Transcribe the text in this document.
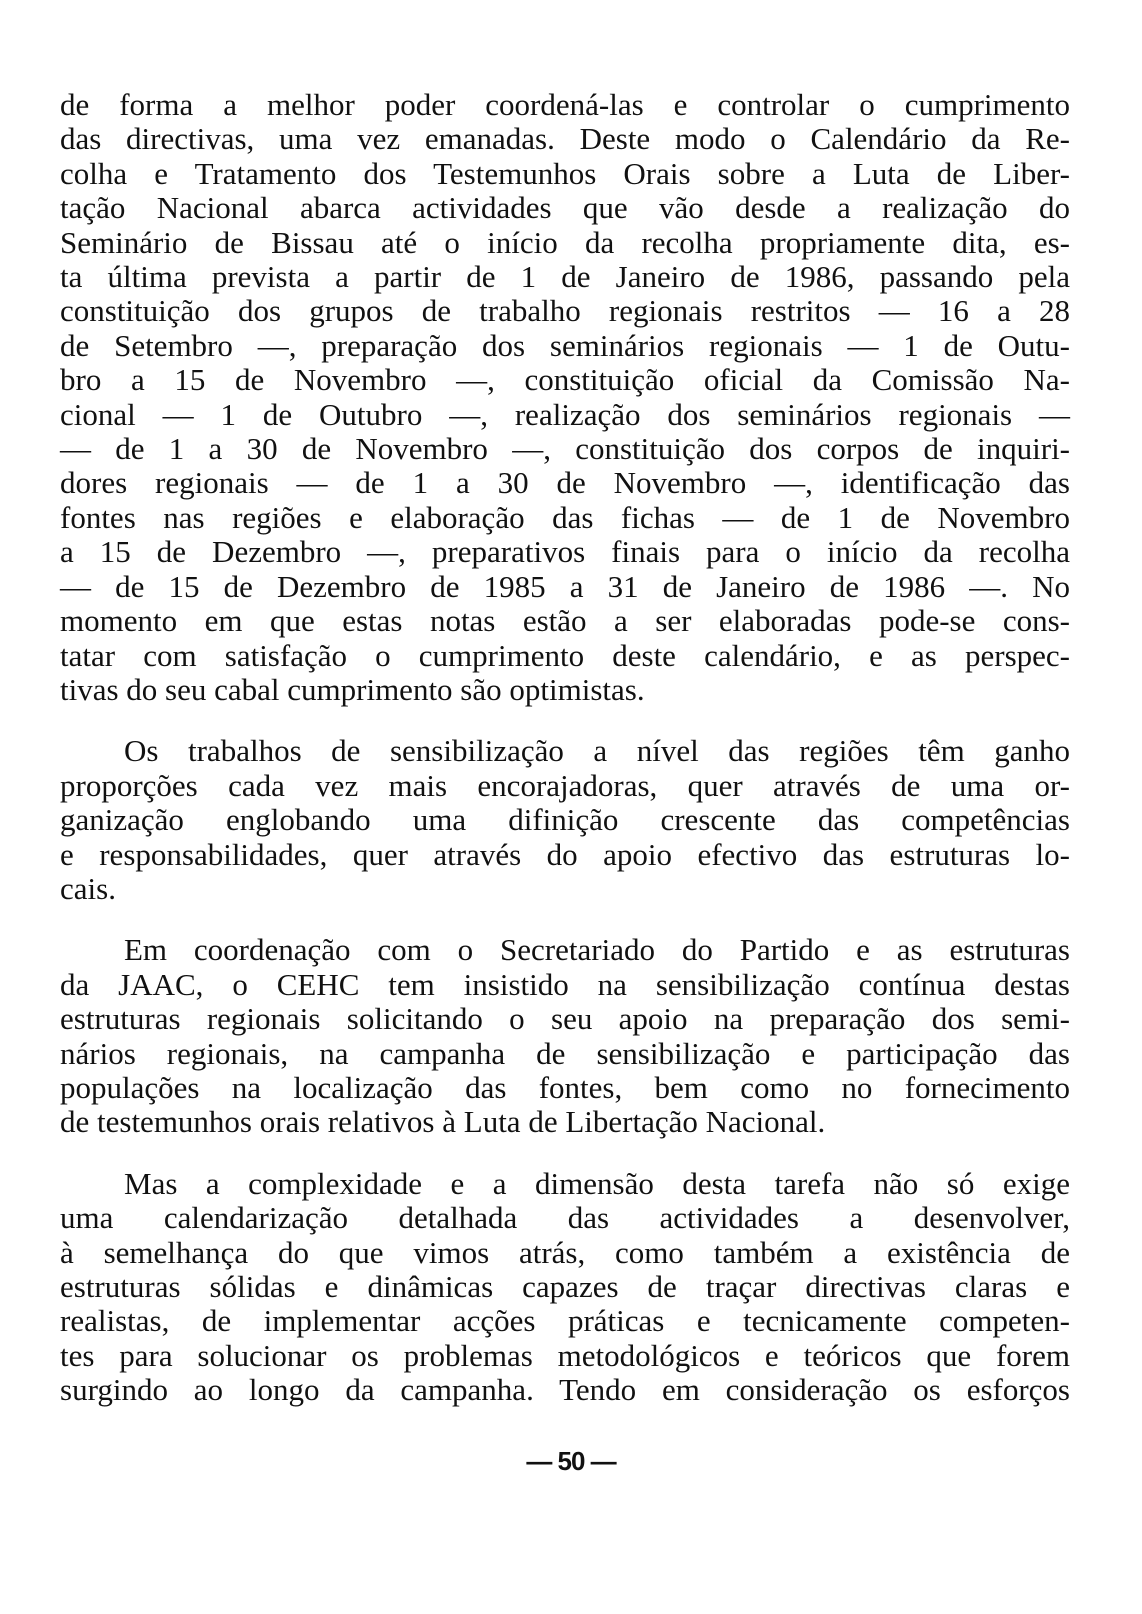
de forma a melhor poder coordená-las e controlar o cumprimento
das directivas, uma vez emanadas. Deste modo o Calendário da Re-
colha e Tratamento dos Testemunhos Orais sobre a Luta de Liber-
tação Nacional abarca actividades que vão desde a realização do
Seminário de Bissau até o início da recolha propriamente dita, es-
ta última prevista a partir de 1 de Janeiro de 1986, passando pela
constituição dos grupos de trabalho regionais restritos — 16 a 28
de Setembro —, preparação dos seminários regionais — 1 de Outu-
bro a 15 de Novembro —, constituição oficial da Comissão Na-
cional — 1 de Outubro —, realização dos seminários regionais —
— de 1 a 30 de Novembro —, constituição dos corpos de inquiri-
dores regionais — de 1 a 30 de Novembro —, identificação das
fontes nas regiões e elaboração das fichas — de 1 de Novembro
a 15 de Dezembro —, preparativos finais para o início da recolha
— de 15 de Dezembro de 1985 a 31 de Janeiro de 1986 —. No
momento em que estas notas estão a ser elaboradas pode-se cons-
tatar com satisfação o cumprimento deste calendário, e as perspec-
tivas do seu cabal cumprimento são optimistas.

Os trabalhos de sensibilização a nível das regiões têm ganho
proporções cada vez mais encorajadoras, quer através de uma or-
ganização englobando uma difinição crescente das competências
e responsabilidades, quer através do apoio efectivo das estruturas lo-
cais.

Em coordenação com o Secretariado do Partido e as estruturas
da JAAC, o CEHC tem insistido na sensibilização contínua destas
estruturas regionais solicitando o seu apoio na preparação dos semi-
nários regionais, na campanha de sensibilização e participação das
populações na localização das fontes, bem como no fornecimento
de testemunhos orais relativos à Luta de Libertação Nacional.

Mas a complexidade e a dimensão desta tarefa não só exige
uma calendarização detalhada das actividades a desenvolver,
à semelhança do que vimos atrás, como também a existência de
estruturas sólidas e dinâmicas capazes de traçar directivas claras e
realistas, de implementar acções práticas e tecnicamente competen-
tes para solucionar os problemas metodológicos e teóricos que forem
surgindo ao longo da campanha. Tendo em consideração os esforços

— 50 —
